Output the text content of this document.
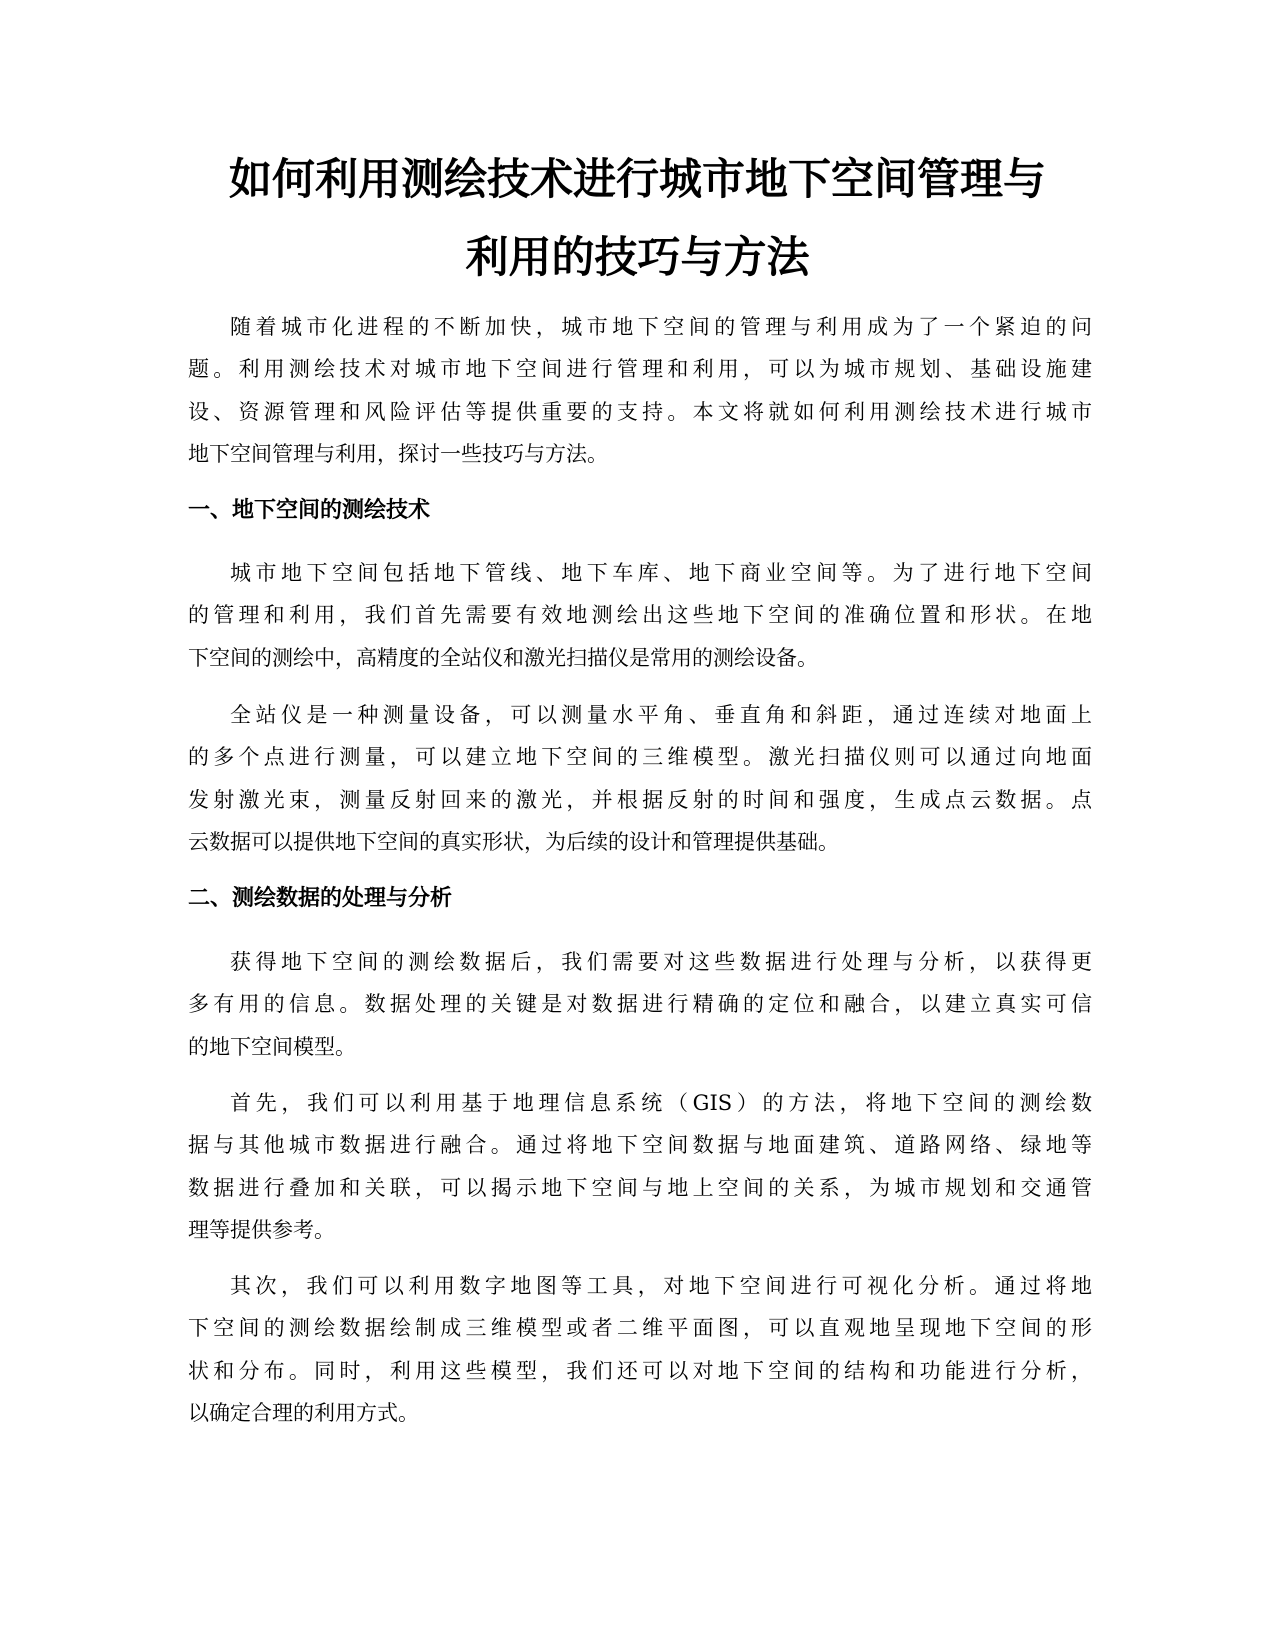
如何利用测绘技术进行城市地下空间管理与
利用的技巧与方法

随着城市化进程的不断加快，城市地下空间的管理与利用成为了一个紧迫的问
题。利用测绘技术对城市地下空间进行管理和利用，可以为城市规划、基础设施建
设、资源管理和风险评估等提供重要的支持。本文将就如何利用测绘技术进行城市
地下空间管理与利用，探讨一些技巧与方法。

一、地下空间的测绘技术

城市地下空间包括地下管线、地下车库、地下商业空间等。为了进行地下空间
的管理和利用，我们首先需要有效地测绘出这些地下空间的准确位置和形状。在地
下空间的测绘中，高精度的全站仪和激光扫描仪是常用的测绘设备。

全站仪是一种测量设备，可以测量水平角、垂直角和斜距，通过连续对地面上
的多个点进行测量，可以建立地下空间的三维模型。激光扫描仪则可以通过向地面
发射激光束，测量反射回来的激光，并根据反射的时间和强度，生成点云数据。点
云数据可以提供地下空间的真实形状，为后续的设计和管理提供基础。

二、测绘数据的处理与分析

获得地下空间的测绘数据后，我们需要对这些数据进行处理与分析，以获得更
多有用的信息。数据处理的关键是对数据进行精确的定位和融合，以建立真实可信
的地下空间模型。

首先，我们可以利用基于地理信息系统（GIS）的方法，将地下空间的测绘数
据与其他城市数据进行融合。通过将地下空间数据与地面建筑、道路网络、绿地等
数据进行叠加和关联，可以揭示地下空间与地上空间的关系，为城市规划和交通管
理等提供参考。

其次，我们可以利用数字地图等工具，对地下空间进行可视化分析。通过将地
下空间的测绘数据绘制成三维模型或者二维平面图，可以直观地呈现地下空间的形
状和分布。同时，利用这些模型，我们还可以对地下空间的结构和功能进行分析，
以确定合理的利用方式。
